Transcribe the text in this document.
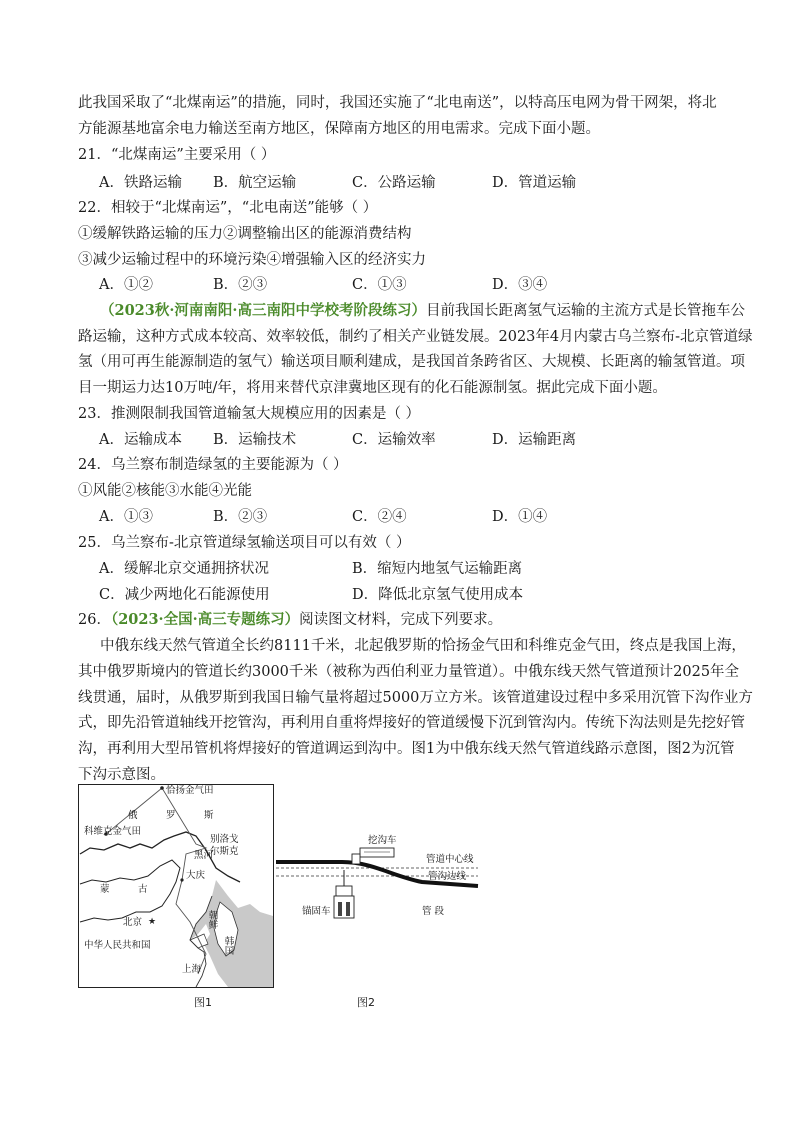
此我国采取了“北煤南运”的措施，同时，我国还实施了“北电南送”，以特高压电网为骨干网架，将北
方能源基地富余电力输送至南方地区，保障南方地区的用电需求。完成下面小题。
21．“北煤南运”主要采用（ ）
A．铁路运输 B．航空运输	C．公路运输	D．管道运输
22．相较于“北煤南运”，“北电南送”能够（ ）
①缓解铁路运输的压力②调整输出区的能源消费结构
③减少运输过程中的环境污染④增强输入区的经济实力
A．①②	B．②③	C．①③	D．③④
（2023秋·河南南阳·高三南阳中学校考阶段练习）目前我国长距离氢气运输的主流方式是长管拖车公
路运输，这种方式成本较高、效率较低，制约了相关产业链发展。2023年4月内蒙古乌兰察布-北京管道绿
氢（用可再生能源制造的氢气）输送项目顺利建成，是我国首条跨省区、大规模、长距离的输氢管道。项
目一期运力达10万吨/年，将用来替代京津冀地区现有的化石能源制氢。据此完成下面小题。
23．推测限制我国管道输氢大规模应用的因素是（ ）
A．运输成本 B．运输技术	C．运输效率	D．运输距离
24．乌兰察布制造绿氢的主要能源为（ ）
①风能②核能③水能④光能
A．①③	B．②③	C．②④	D．①④
25．乌兰察布-北京管道绿氢输送项目可以有效（ ）
A．缓解北京交通拥挤状况	B．缩短内地氢气运输距离
C．减少两地化石能源使用	D．降低北京氢气使用成本
26．（2023·全国·高三专题练习）阅读图文材料，完成下列要求。
中俄东线天然气管道全长约8111千米，北起俄罗斯的恰扬金气田和科维克金气田，终点是我国上海，
其中俄罗斯境内的管道长约3000千米（被称为西伯利亚力量管道）。中俄东线天然气管道预计2025年全
线贯通，届时，从俄罗斯到我国日输气量将超过5000万立方米。该管道建设过程中多采用沉管下沟作业方
式，即先沿管道轴线开挖管沟，再利用自重将焊接好的管道缓慢下沉到管沟内。传统下沟法则是先挖好管
沟，再利用大型吊管机将焊接好的管道调运到沟中。图1为中俄东线天然气管道线路示意图，图2为沉管
下沟示意图。
★
恰扬金气田
俄	罗	斯
科维克金气田
别洛戈
尔斯克
黑河
蒙	古
大庆
朝鲜
北京
中华人民共和国	韩国
上海
图1
挖沟车
管道中心线
管沟边线
锚固车	管 段
图2
